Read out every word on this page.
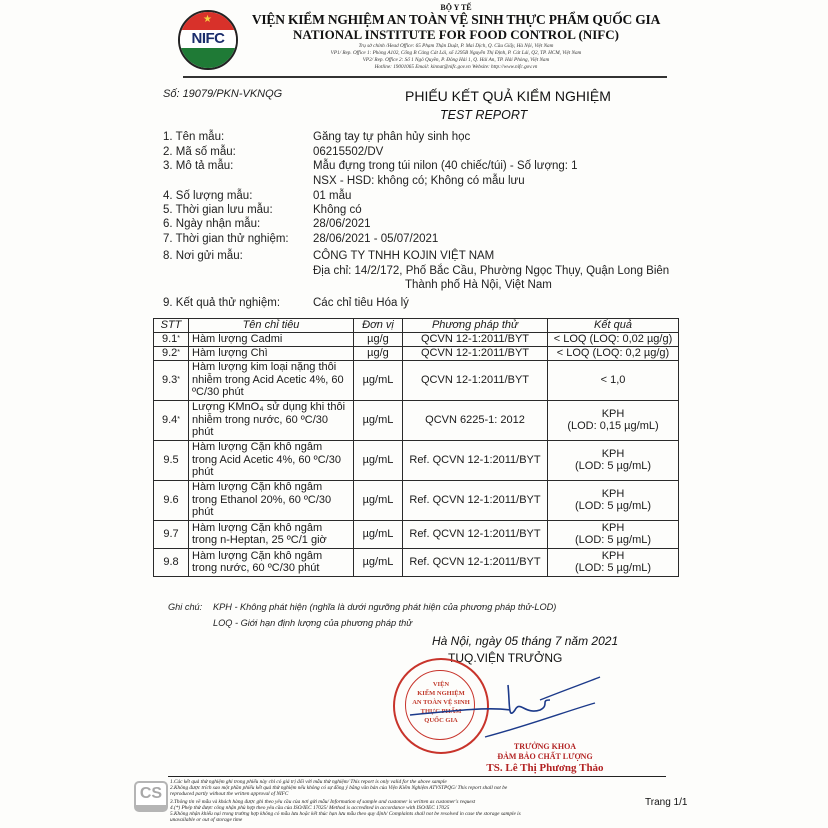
★
NIFC
BỘ Y TẾ
VIỆN KIỂM NGHIỆM AN TOÀN VỆ SINH THỰC PHẨM QUỐC GIA
NATIONAL INSTITUTE FOR FOOD CONTROL (NIFC)
Trụ sở chính /Head Office: 65 Phạm Thận Duật, P. Mai Dịch, Q. Cầu Giấy, Hà Nội, Việt Nam
VP1/ Rep. Office 1: Phòng A102, Cổng B Cảng Cát Lái, số 1295B Nguyễn Thị Định, P. Cát Lái, Q2, TP. HCM, Việt Nam
VP2/ Rep. Office 2: Số 1 Ngô Quyền, P. Đông Hải 1, Q. Hải An, TP. Hải Phòng, Việt Nam
Hotline: 19001065 Email: kinnat@nifc.gov.vn Website: http://www.nifc.gov.vn
Số: 19079/PKN-VKNQG	PHIẾU KẾT QUẢ KIỂM NGHIỆM
TEST REPORT
1. Tên mẫu:	Găng tay tự phân hủy sinh học
2. Mã số mẫu:	06215502/DV
3. Mô tả mẫu:	Mẫu đựng trong túi nilon (40 chiếc/túi) - Số lượng: 1
NSX - HSD: không có; Không có mẫu lưu
4. Số lượng mẫu:	01 mẫu
5. Thời gian lưu mẫu:	Không có
6. Ngày nhận mẫu:	28/06/2021
7. Thời gian thử nghiệm: 28/06/2021 - 05/07/2021
8. Nơi gửi mẫu:	CÔNG TY TNHH KOJIN VIỆT NAM
Địa chỉ: 14/2/172, Phố Bắc Cầu, Phường Ngọc Thụy, Quận Long Biên
Thành phố Hà Nội, Việt Nam
9. Kết quả thử nghiệm:	Các chỉ tiêu Hóa lý
STT	Tên chỉ tiêu	Đơn vị	Phương pháp thử	Kết quả
9.1*	Hàm lượng Cadmi	µg/g	QCVN 12-1:2011/BYT	< LOQ (LOQ: 0,02 µg/g)
9.2*	Hàm lượng Chì	µg/g	QCVN 12-1:2011/BYT	< LOQ (LOQ: 0,2 µg/g)
9.3*	Hàm lượng kim loại nặng thôi nhiễm trong Acid Acetic 4%, 60 ºC/30 phút	µg/mL	QCVN 12-1:2011/BYT	< 1,0
9.4*	Lượng KMnO₄ sử dụng khi thôi nhiễm trong nước, 60 ºC/30 phút	µg/mL	QCVN 6225-1: 2012	KPH
(LOD: 0,15 µg/mL)

9.5	Hàm lượng Cặn khô ngâm trong Acid Acetic 4%, 60 ºC/30 phút	µg/mL	Ref. QCVN 12-1:2011/BYT	KPH
(LOD: 5 µg/mL)

9.6	Hàm lượng Cặn khô ngâm trong Ethanol 20%, 60 ºC/30 phút	µg/mL	Ref. QCVN 12-1:2011/BYT	KPH
(LOD: 5 µg/mL)

9.7	Hàm lượng Cặn khô ngâm trong n-Heptan, 25 ºC/1 giờ	µg/mL	Ref. QCVN 12-1:2011/BYT	KPH
(LOD: 5 µg/mL)

9.8	Hàm lượng Cặn khô ngâm trong nước, 60 ºC/30 phút	µg/mL	Ref. QCVN 12-1:2011/BYT	KPH
(LOD: 5 µg/mL)
Ghi chú: KPH - Không phát hiện (nghĩa là dưới ngưỡng phát hiện của phương pháp thử-LOD)
LOQ - Giới hạn định lượng của phương pháp thử
Hà Nội, ngày 05 tháng 7 năm 2021
TUQ.VIỆN TRƯỞNG
VIỆN
KIỂM NGHIỆM
AN TOÀN VỆ SINH
THỰC PHẨM
QUỐC GIA
TRƯỞNG KHOA
ĐẢM BẢO CHẤT LƯỢNG
TS. Lê Thị Phương Thảo
1.Các kết quả thử nghiệm ghi trong phiếu này chỉ có giá trị đối với mẫu thử nghiệm/ This report is only valid for the above sample
2.Không được trích sao một phần phiếu kết quả thử nghiệm nếu không có sự đồng ý bằng văn bản của Viện Kiểm Nghiệm ATVSTPQG/ This report shall not be
reproduced partly without the written approval of NIFC
3.Thông tin về mẫu và khách hàng được ghi theo yêu cầu của nơi gửi mẫu/ Information of sample and customer is written as customer's request
4.(*) Phép thử được công nhận phù hợp theo yêu cầu của ISO/IEC 17025/ Method is accredited in accordance with ISO/IEC 17025
5.Không nhận khiếu nại trong trường hợp không có mẫu lưu hoặc kết thúc hạn lưu mẫu theo quy định/ Complaints shall not be resolved in case the storage sample is
unavailable or out of storage time
Trang 1/1
CS
